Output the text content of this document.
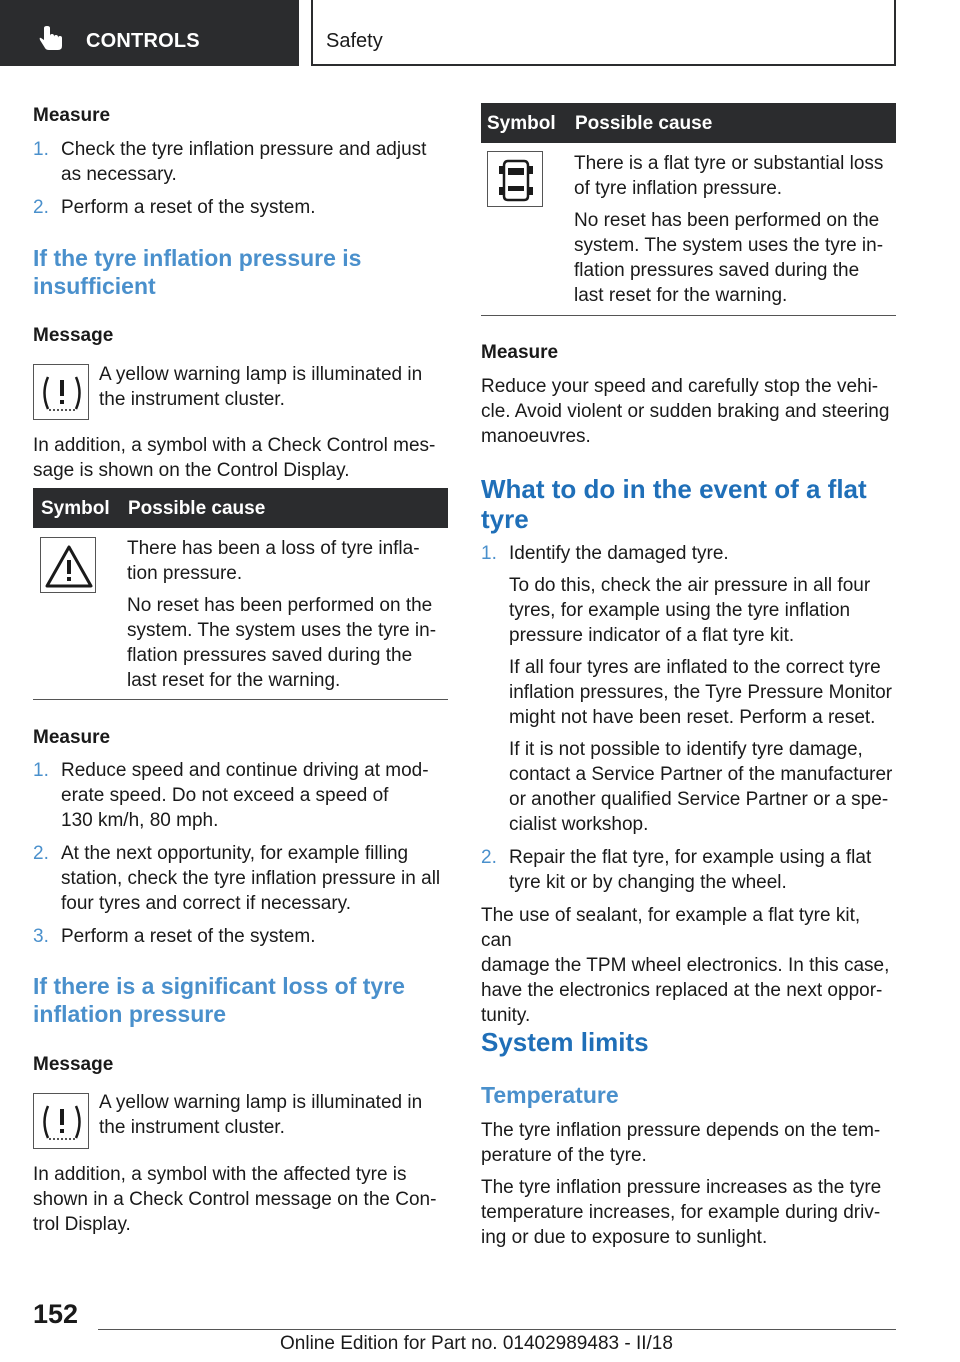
CONTROLS	Safety
Measure
1. Check the tyre inflation pressure and adjust
as necessary.
2. Perform a reset of the system.
If the tyre inflation pressure is
insufficient
Message
A yellow warning lamp is illuminated in
the instrument cluster.
In addition, a symbol with a Check Control mes-
sage is shown on the Control Display.
Symbol Possible cause
There has been a loss of tyre infla-
tion pressure.
No reset has been performed on the
system. The system uses the tyre in-
flation pressures saved during the
last reset for the warning.
Measure
1. Reduce speed and continue driving at mod-
erate speed. Do not exceed a speed of
130 km/h, 80 mph.
2. At the next opportunity, for example filling
station, check the tyre inflation pressure in all
four tyres and correct if necessary.
3. Perform a reset of the system.
If there is a significant loss of tyre
inflation pressure
Message
A yellow warning lamp is illuminated in
the instrument cluster.
In addition, a symbol with the affected tyre is
shown in a Check Control message on the Con-
trol Display.
Symbol Possible cause
There is a flat tyre or substantial loss
of tyre inflation pressure.
No reset has been performed on the
system. The system uses the tyre in-
flation pressures saved during the
last reset for the warning.
Measure
Reduce your speed and carefully stop the vehi-
cle. Avoid violent or sudden braking and steering
manoeuvres.
What to do in the event of a flat
tyre
1. Identify the damaged tyre.
To do this, check the air pressure in all four
tyres, for example using the tyre inflation
pressure indicator of a flat tyre kit.
If all four tyres are inflated to the correct tyre
inflation pressures, the Tyre Pressure Monitor
might not have been reset. Perform a reset.
If it is not possible to identify tyre damage,
contact a Service Partner of the manufacturer
or another qualified Service Partner or a spe-
cialist workshop.
2. Repair the flat tyre, for example using a flat
tyre kit or by changing the wheel.
The use of sealant, for example a flat tyre kit, can
damage the TPM wheel electronics. In this case,
have the electronics replaced at the next oppor-
tunity.
System limits
Temperature
The tyre inflation pressure depends on the tem-
perature of the tyre.
The tyre inflation pressure increases as the tyre
temperature increases, for example during driv-
ing or due to exposure to sunlight.
152
Online Edition for Part no. 01402989483 - II/18
